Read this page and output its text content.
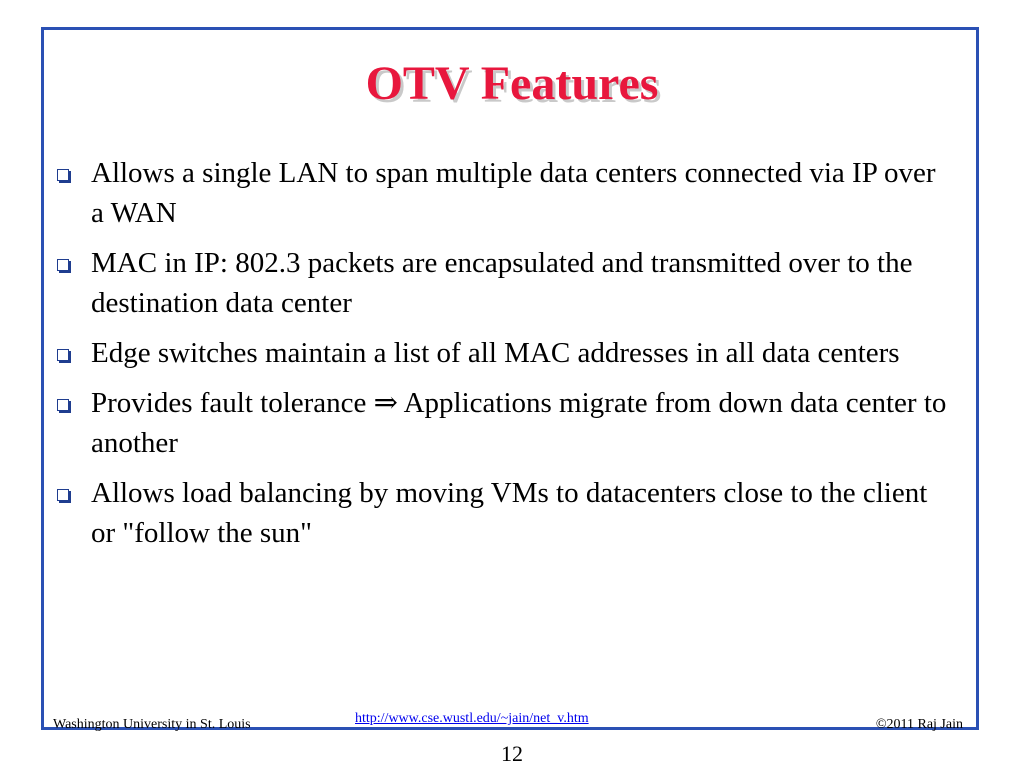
OTV Features
Allows a single LAN to span multiple data centers connected via IP over a WAN
MAC in IP: 802.3 packets are encapsulated and transmitted over to the destination data center
Edge switches maintain a list of all MAC addresses in all data centers
Provides fault tolerance ⇒ Applications migrate from down data center to another
Allows load balancing by moving VMs to datacenters close to the client or "follow the sun"
Washington University in St. Louis	http://www.cse.wustl.edu/~jain/net_v.htm	©2011 Raj Jain
12
